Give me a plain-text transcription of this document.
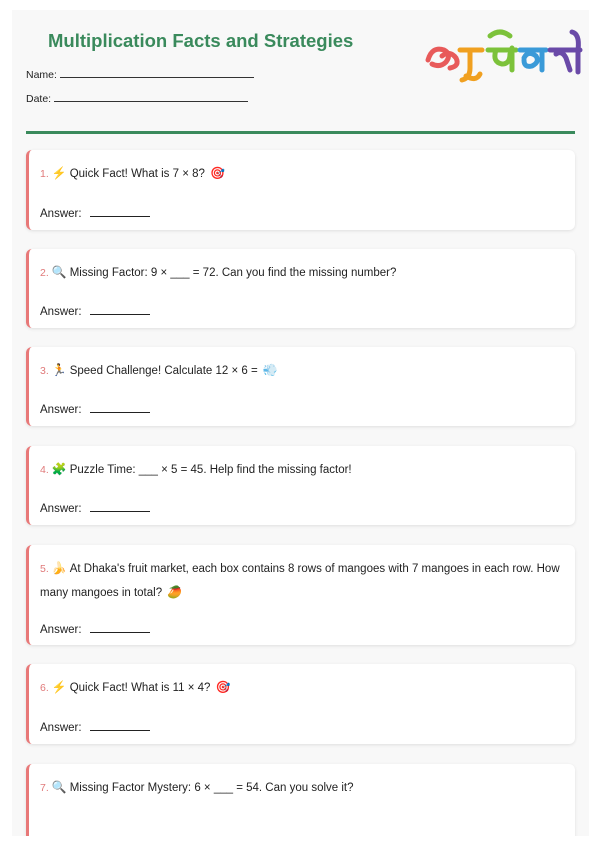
Multiplication Facts and Strategies
Name:
Date:

1. ⚡ Quick Fact! What is 7 × 8? 🎯

Answer:

2. 🔍 Missing Factor: 9 × ___ = 72. Can you find the missing number?

Answer:

3. 🏃 Speed Challenge! Calculate 12 × 6 = 💨

Answer:

4. 🧩 Puzzle Time: ___ × 5 = 45. Help find the missing factor!

Answer:

5. 🍌 At Dhaka's fruit market, each box contains 8 rows of mangoes with 7 mangoes in each row. How many mangoes in total? 🥭

Answer:

6. ⚡ Quick Fact! What is 11 × 4? 🎯

Answer:

7. 🔍 Missing Factor Mystery: 6 × ___ = 54. Can you solve it?
